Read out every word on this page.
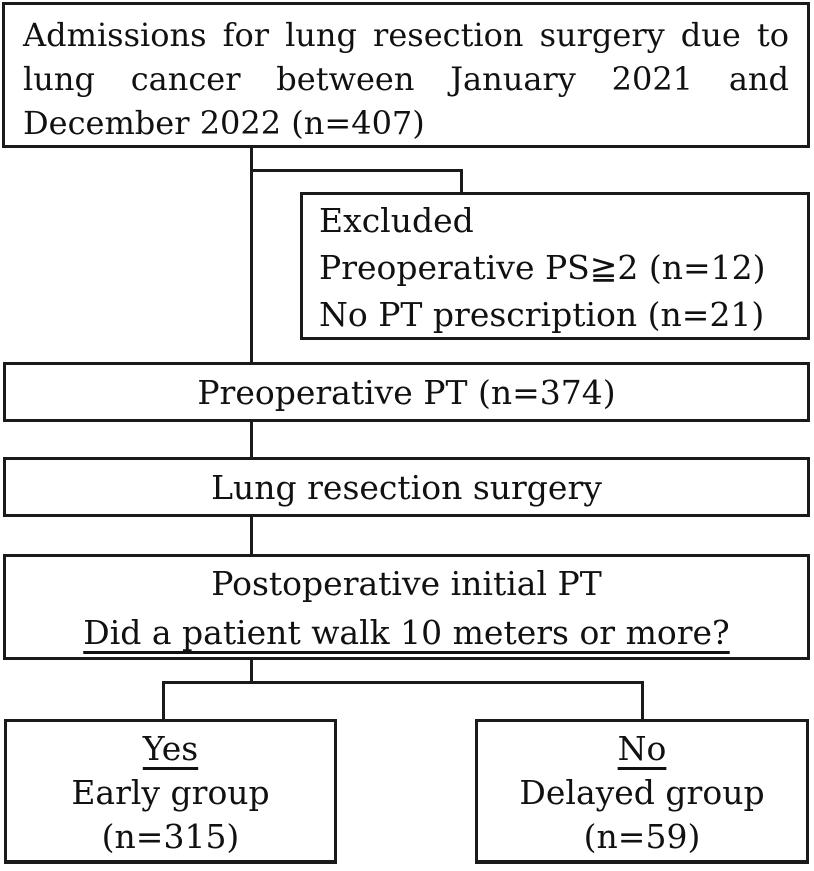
Admissions for lung resection surgery due to
lung cancer between January 2021 and
December 2022 (n=407)
Excluded
Preoperative PS≧2 (n=12)
No PT prescription (n=21)
Preoperative PT (n=374)
Lung resection surgery
Postoperative initial PT
Did a patient walk 10 meters or more?
Yes
Early group
(n=315)
No
Delayed group
(n=59)
